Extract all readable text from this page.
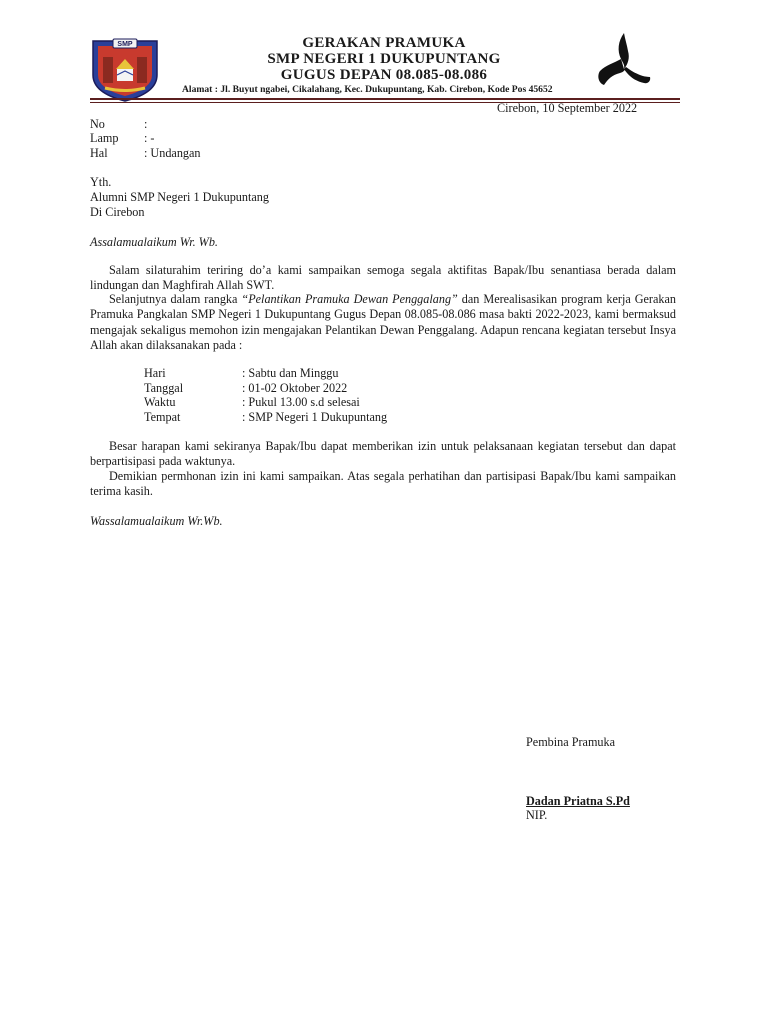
SMP	GERAKAN PRAMUKA
SMP NEGERI 1 DUKUPUNTANG
GUGUS DEPAN 08.085-08.086
Alamat : Jl. Buyut ngabei, Cikalahang, Kec. Dukupuntang, Kab. Cirebon, Kode Pos 45652
Cirebon, 10 September 2022
No	:
Lamp : -
Hal	: Undangan
Yth.
Alumni SMP Negeri 1 Dukupuntang
Di Cirebon
Assalamualaikum Wr. Wb.
Salam silaturahim teriring do’a kami sampaikan semoga segala aktifitas Bapak/Ibu senantiasa berada dalam lindungan dan Maghfirah Allah SWT.
Selanjutnya dalam rangka “Pelantikan Pramuka Dewan Penggalang” dan Merealisasikan program kerja Gerakan Pramuka Pangkalan SMP Negeri 1 Dukupuntang Gugus Depan 08.085-08.086 masa bakti 2022-2023, kami bermaksud mengajak sekaligus memohon izin mengajakan Pelantikan Dewan Penggalang. Adapun rencana kegiatan tersebut Insya Allah akan dilaksanakan pada :
Hari	: Sabtu dan Minggu
Tanggal	: 01-02 Oktober 2022
Waktu	: Pukul 13.00 s.d selesai
Tempat	: SMP Negeri 1 Dukupuntang
Besar harapan kami sekiranya Bapak/Ibu dapat memberikan izin untuk pelaksanaan kegiatan tersebut dan dapat berpartisipasi pada waktunya.
Demikian permhonan izin ini kami sampaikan. Atas segala perhatihan dan partisipasi Bapak/Ibu kami sampaikan terima kasih.
Wassalamualaikum Wr.Wb.
Pembina Pramuka
Dadan Priatna S.Pd
NIP.
